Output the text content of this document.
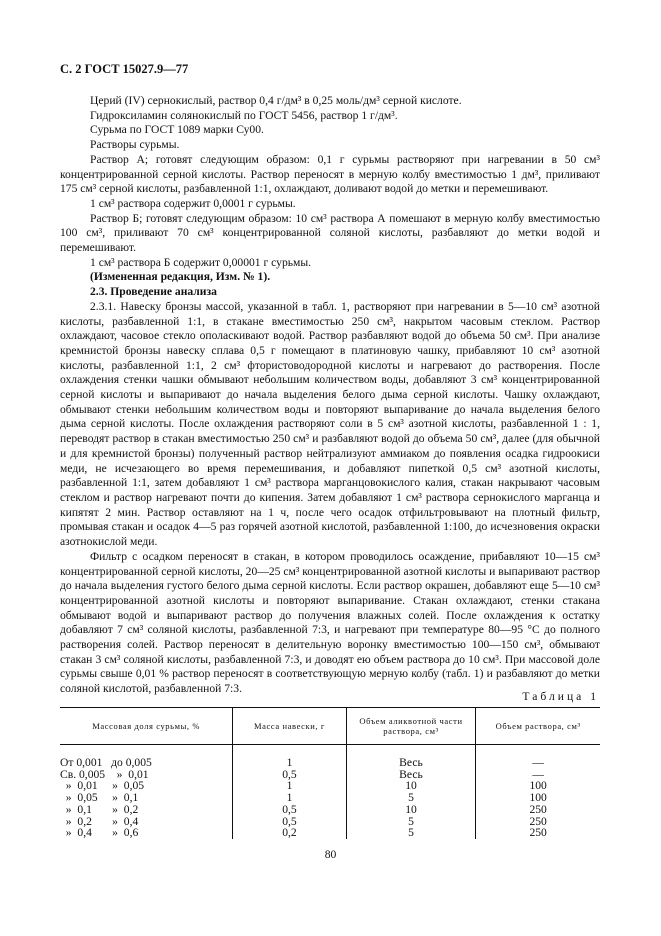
С. 2 ГОСТ 15027.9—77

Церий (IV) сернокислый, раствор 0,4 г/дм³ в 0,25 моль/дм³ серной кислоте.

Гидроксиламин солянокислый по ГОСТ 5456, раствор 1 г/дм³.

Сурьма по ГОСТ 1089 марки Су00.

Растворы сурьмы.

Раствор А; готовят следующим образом: 0,1 г сурьмы растворяют при нагревании в 50 см³ концентрированной серной кислоты. Раствор переносят в мерную колбу вместимостью 1 дм³, приливают 175 см³ серной кислоты, разбавленной 1:1, охлаждают, доливают водой до метки и перемешивают.

1 см³ раствора содержит 0,0001 г сурьмы.

Раствор Б; готовят следующим образом: 10 см³ раствора А помешают в мерную колбу вместимостью 100 см³, приливают 70 см³ концентрированной соляной кислоты, разбавляют до метки водой и перемешивают.

1 см³ раствора Б содержит 0,00001 г сурьмы.

(Измененная редакция, Изм. № 1).

2.3. Проведение анализа

2.3.1. Навеску бронзы массой, указанной в табл. 1, растворяют при нагревании в 5—10 см³ азотной кислоты, разбавленной 1:1, в стакане вместимостью 250 см³, накрытом часовым стеклом. Раствор охлаждают, часовое стекло ополаскивают водой. Раствор разбавляют водой до объема 50 см³. При анализе кремнистой бронзы навеску сплава 0,5 г помещают в платиновую чашку, прибавляют 10 см³ азотной кислоты, разбавленной 1:1, 2 см³ фтористоводородной кислоты и нагревают до растворения. После охлаждения стенки чашки обмывают небольшим количеством воды, добавляют 3 см³ концентрированной серной кислоты и выпаривают до начала выделения белого дыма серной кислоты. Чашку охлаждают, обмывают стенки небольшим количеством воды и повторяют выпаривание до начала выделения белого дыма серной кислоты. После охлаждения растворяют соли в 5 см³ азотной кислоты, разбавленной 1 : 1, переводят раствор в стакан вместимостью 250 см³ и разбавляют водой до объема 50 см³, далее (для обычной и для кремнистой бронзы) полученный раствор нейтрализуют аммиаком до появления осадка гидроокиси меди, не исчезающего во время перемешивания, и добавляют пипеткой 0,5 см³ азотной кислоты, разбавленной 1:1, затем добавляют 1 см³ раствора марганцовокислого калия, стакан накрывают часовым стеклом и раствор нагревают почти до кипения. Затем добавляют 1 см³ раствора сернокислого марганца и кипятят 2 мин. Раствор оставляют на 1 ч, после чего осадок отфильтровывают на плотный фильтр, промывая стакан и осадок 4—5 раз горячей азотной кислотой, разбавленной 1:100, до исчезновения окраски азотнокислой меди.

Фильтр с осадком переносят в стакан, в котором проводилось осаждение, прибавляют 10—15 см³ концентрированной серной кислоты, 20—25 см³ концентрированной азотной кислоты и выпаривают раствор до начала выделения густого белого дыма серной кислоты. Если раствор окрашен, добавляют еще 5—10 см³ концентрированной азотной кислоты и повторяют выпаривание. Стакан охлаждают, стенки стакана обмывают водой и выпаривают раствор до получения влажных солей. После охлаждения к остатку добавляют 7 см³ соляной кислоты, разбавленной 7:3, и нагревают при температуре 80—95 °С до полного растворения солей. Раствор переносят в делительную воронку вместимостью 100—150 см³, обмывают стакан 3 см³ соляной кислоты, разбавленной 7:3, и доводят ею объем раствора до 10 см³. При массовой доле сурьмы свыше 0,01 % раствор переносят в соответствующую мерную колбу (табл. 1) и разбавляют до метки соляной кислотой, разбавленной 7:3.

Таблица 1
Массовая доля сурьмы, %	Масса навески, г	Объем аликвотной части раствора, см³	Объем раствора, см³
От 0,001   до 0,005	1	Весь	—
Св. 0,005    »  0,01	0,5	Весь	—
»  0,01     »  0,05	1	10	100
»  0,05     »  0,1	1	5	100
»  0,1       »  0,2	0,5	10	250
»  0,2       »  0,4	0,5	5	250
»  0,4       »  0,6	0,2	5	250
80
